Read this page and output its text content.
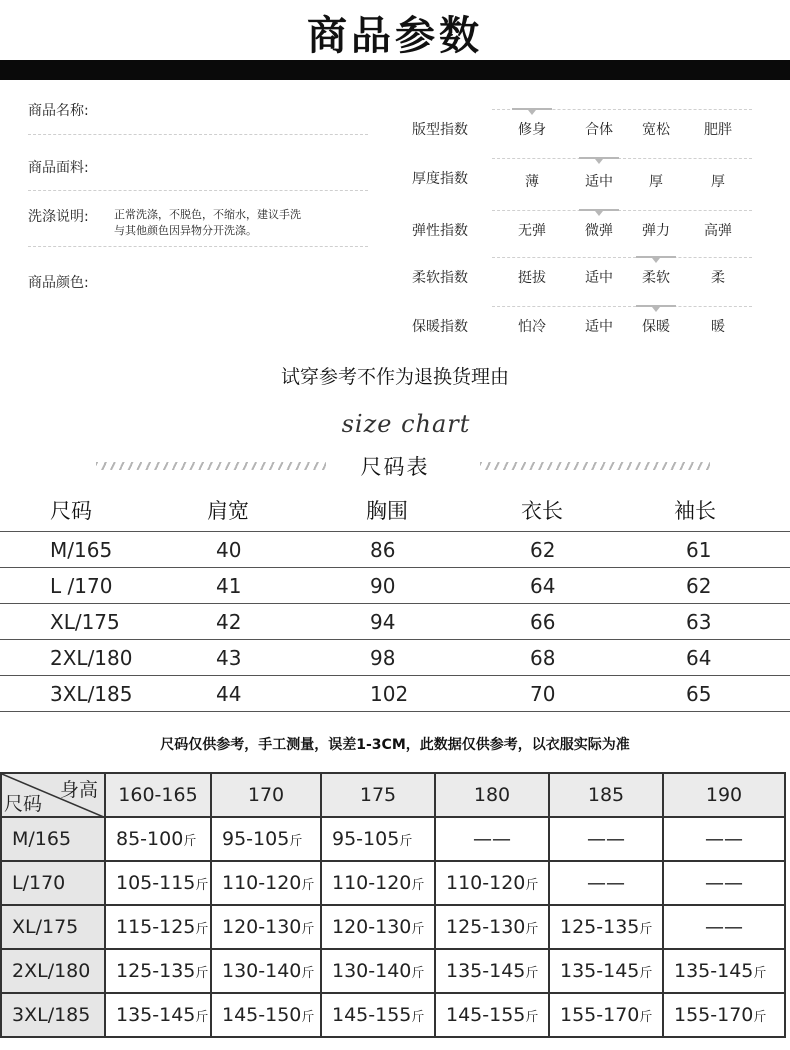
商品参数
商品名称:
商品面料:
洗涤说明: 正常洗涤，不脱色，不缩水，建议手洗
与其他颜色因异物分开洗涤。
商品颜色:
版型指数	修身	合体	宽松	肥胖
厚度指数	薄	适中	厚	厚
弹性指数	无弹	微弹	弹力	高弹
柔软指数	挺拔	适中	柔软	柔
保暖指数	怕冷	适中	保暖	暖
试穿参考不作为退换货理由
size chart
尺码表
尺码	肩宽	胸围	衣长	袖长
M/165	40	86	62	61
L /170	41	90	64	62
XL/175	42	94	66	63
2XL/180	43	98	68	64
3XL/185	44	102	70	65
尺码仅供参考，手工测量，误差1-3CM，此数据仅供参考，以衣服实际为准
身高
尺码	160-165	170	175	180	185	190
M/165	85-100斤	95-105斤	95-105斤	——	——	——
L/170	105-115斤	110-120斤	110-120斤	110-120斤	——	——
XL/175	115-125斤	120-130斤	120-130斤	125-130斤	125-135斤	——
2XL/180	125-135斤	130-140斤	130-140斤	135-145斤	135-145斤	135-145斤
3XL/185	135-145斤	145-150斤	145-155斤	145-155斤	155-170斤	155-170斤
